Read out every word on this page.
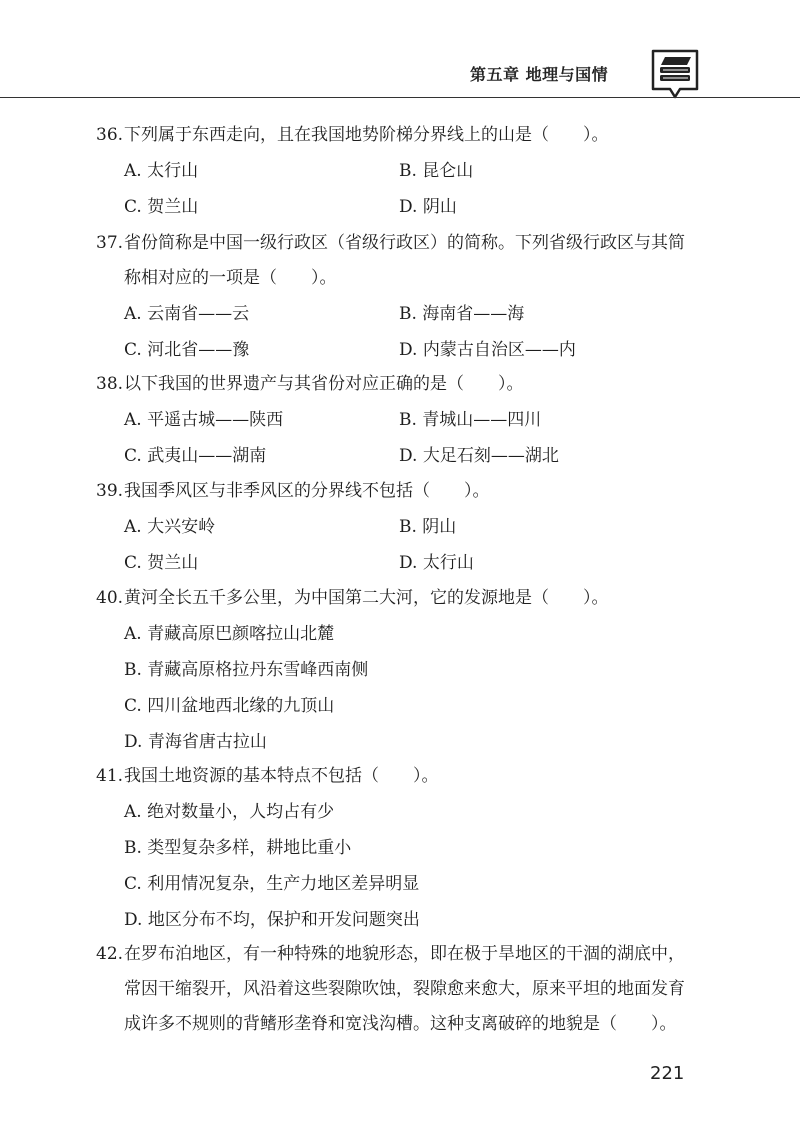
第五章 地理与国情
36. 下列属于东西走向，且在我国地势阶梯分界线上的山是（　　）。
A. 太行山	B. 昆仑山
C. 贺兰山	D. 阴山
37. 省份简称是中国一级行政区（省级行政区）的简称。下列省级行政区与其简
称相对应的一项是（　　）。
A. 云南省——云	B. 海南省——海
C. 河北省——豫	D. 内蒙古自治区——内
38. 以下我国的世界遗产与其省份对应正确的是（　　）。
A. 平遥古城——陕西	B. 青城山——四川
C. 武夷山——湖南	D. 大足石刻——湖北
39. 我国季风区与非季风区的分界线不包括（　　）。
A. 大兴安岭	B. 阴山
C. 贺兰山	D. 太行山
40. 黄河全长五千多公里，为中国第二大河，它的发源地是（　　）。
A. 青藏高原巴颜喀拉山北麓
B. 青藏高原格拉丹东雪峰西南侧
C. 四川盆地西北缘的九顶山
D. 青海省唐古拉山
41. 我国土地资源的基本特点不包括（　　）。
A. 绝对数量小，人均占有少
B. 类型复杂多样，耕地比重小
C. 利用情况复杂，生产力地区差异明显
D. 地区分布不均，保护和开发问题突出
42. 在罗布泊地区，有一种特殊的地貌形态，即在极于旱地区的干涸的湖底中，
常因干缩裂开，风沿着这些裂隙吹蚀，裂隙愈来愈大，原来平坦的地面发育
成许多不规则的背鳍形垄脊和宽浅沟槽。这种支离破碎的地貌是（　　）。
221
